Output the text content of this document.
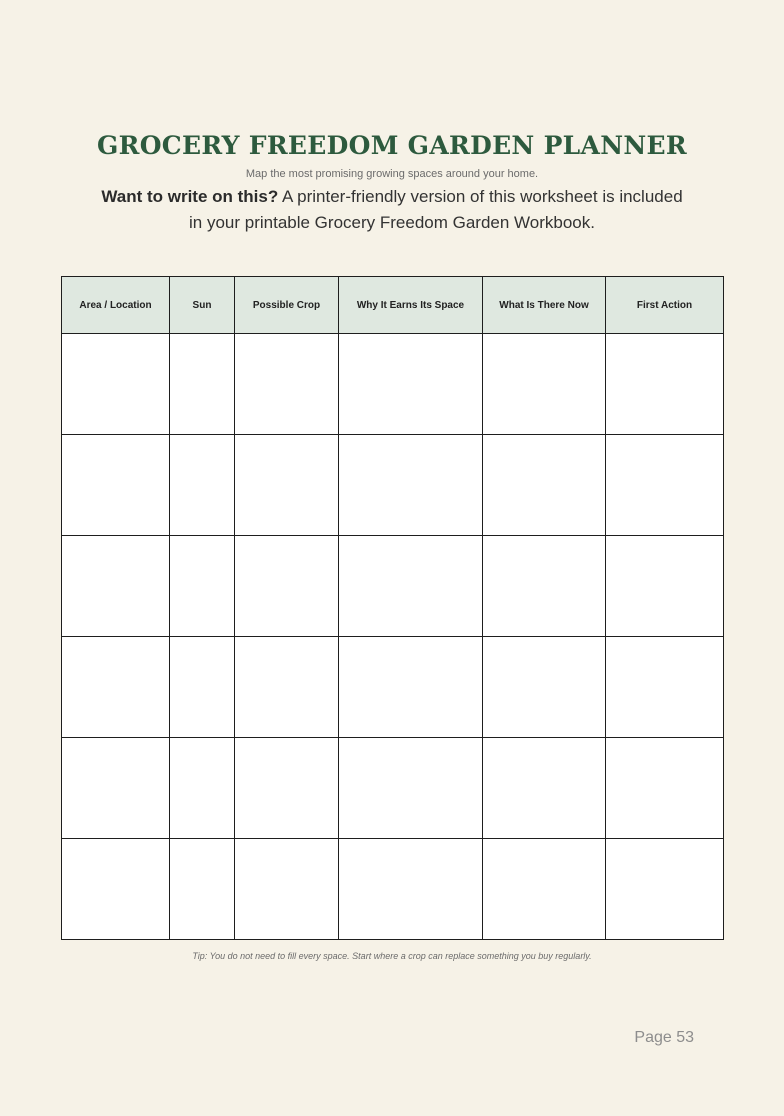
GROCERY FREEDOM GARDEN PLANNER

Map the most promising growing spaces around your home.

Want to write on this? A printer-friendly version of this worksheet is included in your printable Grocery Freedom Garden Workbook.

Area / Location	Sun	Possible Crop	Why It Earns Its Space	What Is There Now	First Action

Tip: You do not need to fill every space. Start where a crop can replace something you buy regularly.

Page 53
